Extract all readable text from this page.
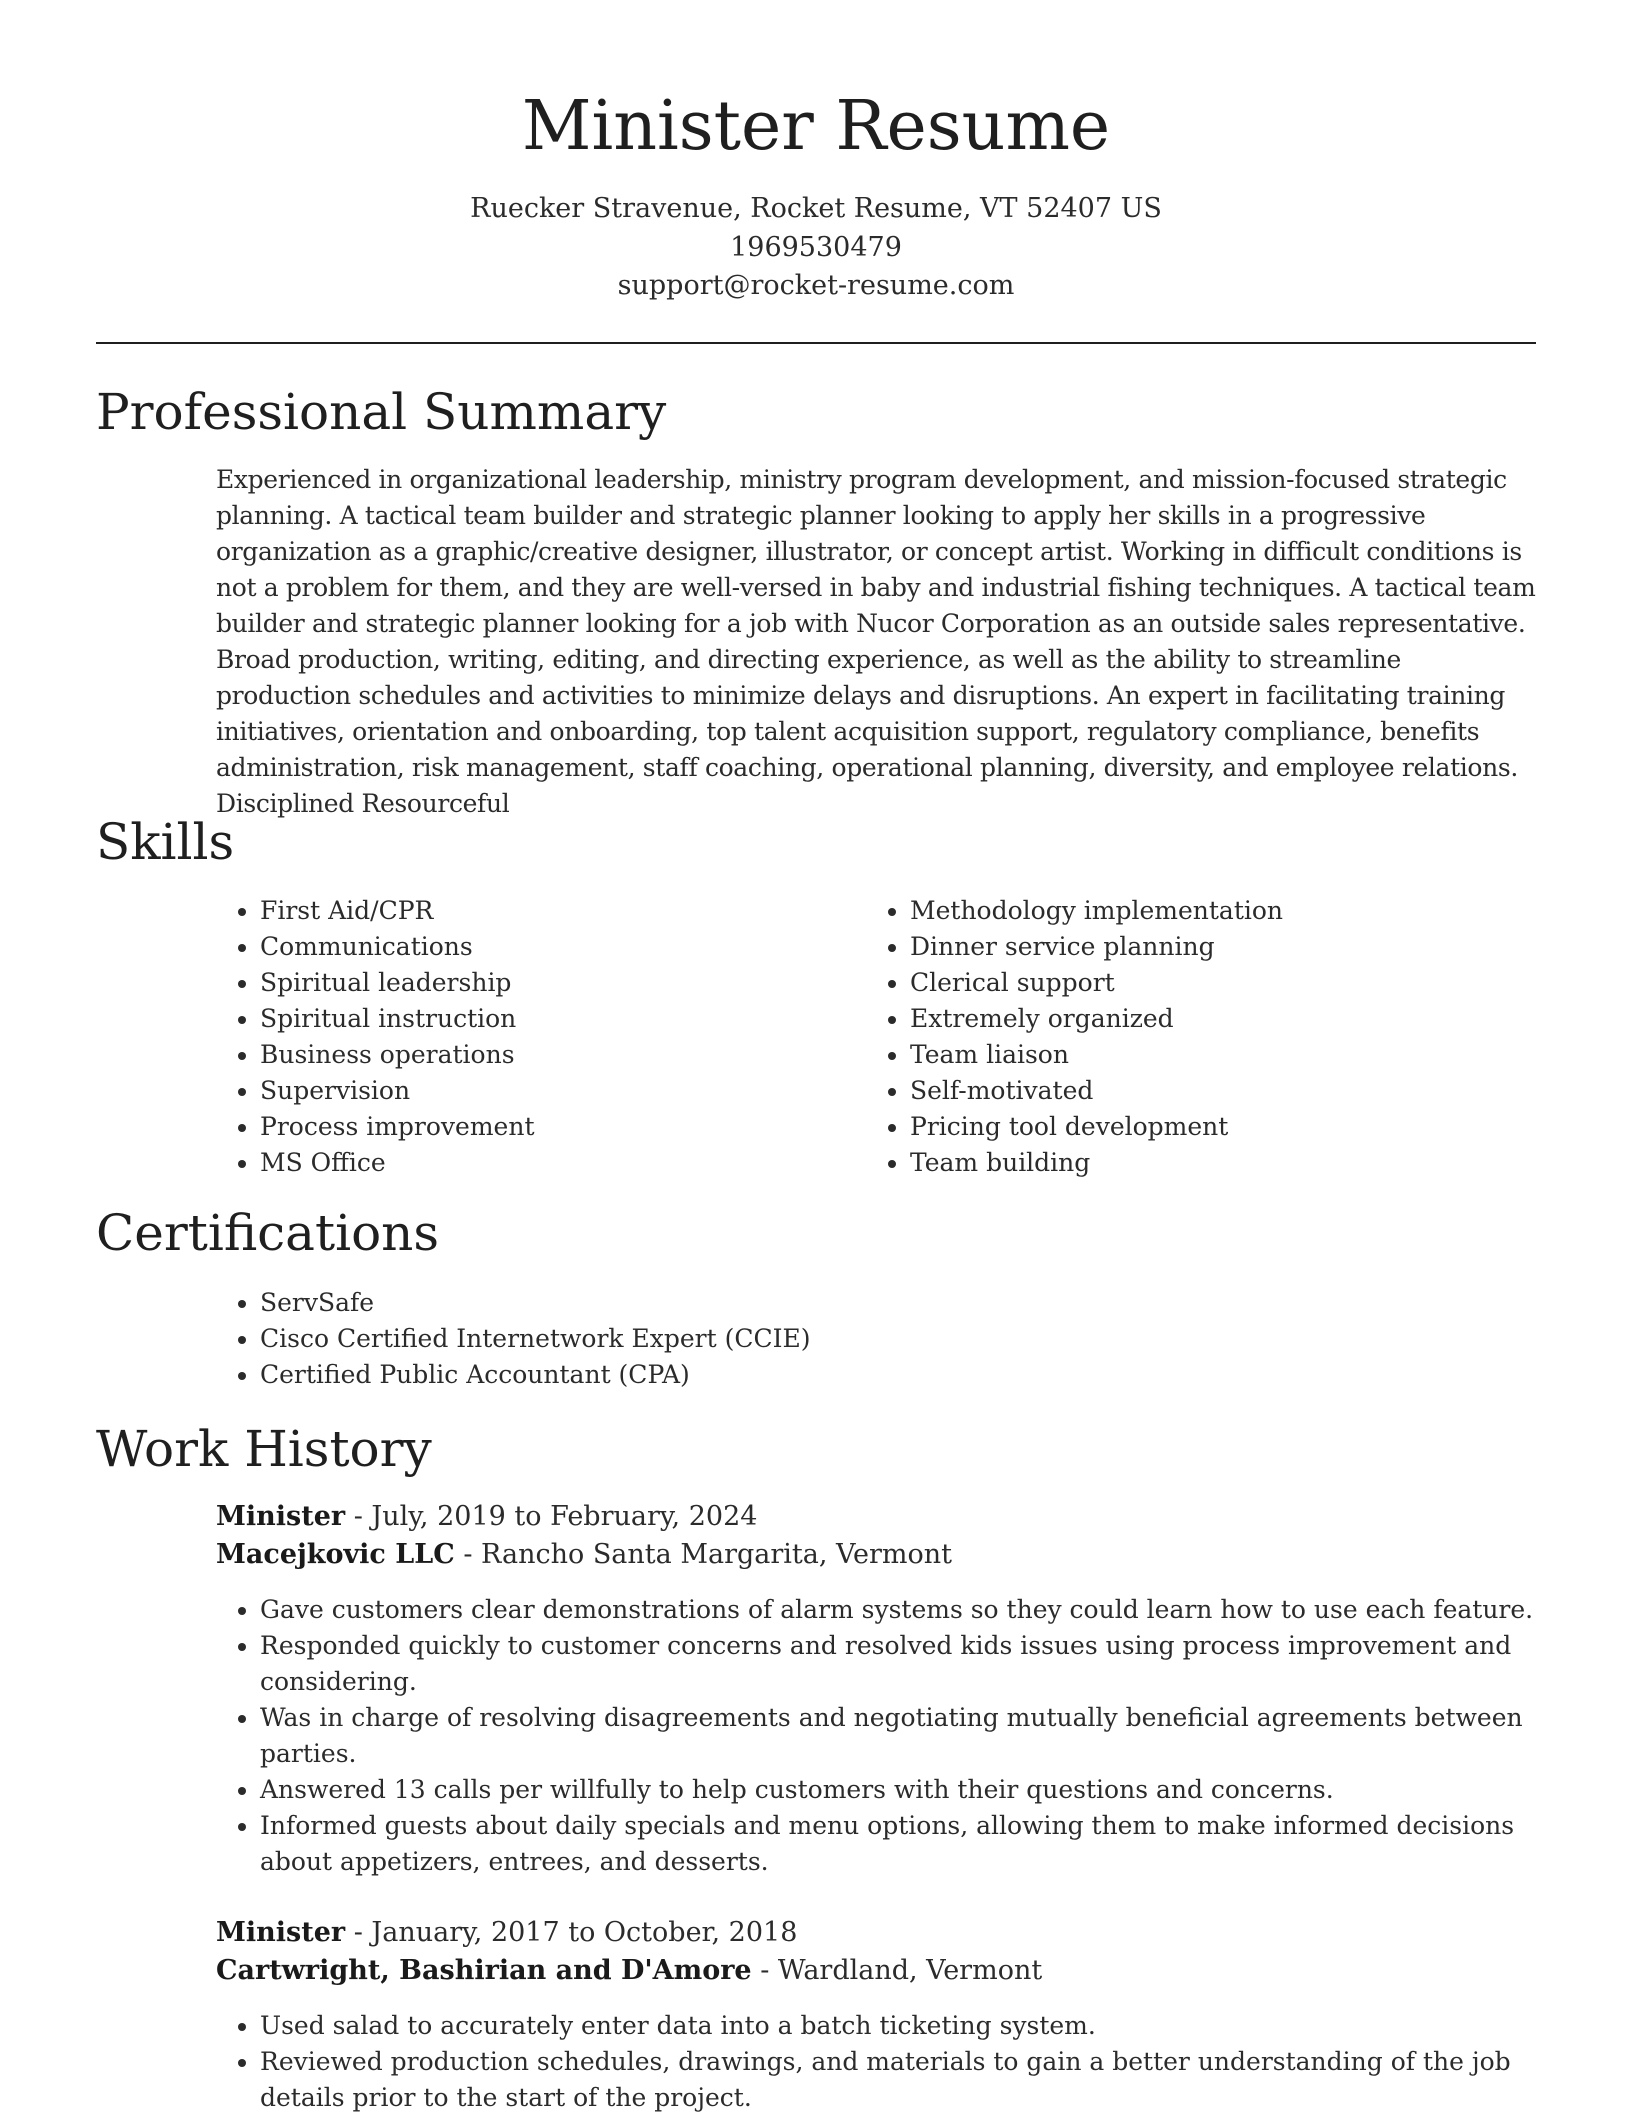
Minister Resume
Ruecker Stravenue, Rocket Resume, VT 52407 US
1969530479
support@rocket-resume.com
Professional Summary

Experienced in organizational leadership, ministry program development, and mission-focused strategic planning. A tactical team builder and strategic planner looking to apply her skills in a progressive organization as a graphic/creative designer, illustrator, or concept artist. Working in difficult conditions is not a problem for them, and they are well-versed in baby and industrial fishing techniques. A tactical team builder and strategic planner looking for a job with Nucor Corporation as an outside sales representative. Broad production, writing, editing, and directing experience, as well as the ability to streamline production schedules and activities to minimize delays and disruptions. An expert in facilitating training initiatives, orientation and onboarding, top talent acquisition support, regulatory compliance, benefits administration, risk management, staff coaching, operational planning, diversity, and employee relations. Disciplined Resourceful

Skills
• First Aid/CPR
• Communications
• Spiritual leadership
• Spiritual instruction
• Business operations
• Supervision
• Process improvement
• MS Office
• Methodology implementation
• Dinner service planning
• Clerical support
• Extremely organized
• Team liaison
• Self-motivated
• Pricing tool development
• Team building
Certifications
• ServSafe
• Cisco Certified Internetwork Expert (CCIE)
• Certified Public Accountant (CPA)
Work History
Minister - July, 2019 to February, 2024
Macejkovic LLC - Rancho Santa Margarita, Vermont
• Gave customers clear demonstrations of alarm systems so they could learn how to use each feature.
• Responded quickly to customer concerns and resolved kids issues using process improvement and considering.
• Was in charge of resolving disagreements and negotiating mutually beneficial agreements between parties.
• Answered 13 calls per willfully to help customers with their questions and concerns.
• Informed guests about daily specials and menu options, allowing them to make informed decisions about appetizers, entrees, and desserts.
Minister - January, 2017 to October, 2018
Cartwright, Bashirian and D'Amore - Wardland, Vermont
• Used salad to accurately enter data into a batch ticketing system.
• Reviewed production schedules, drawings, and materials to gain a better understanding of the job details prior to the start of the project.
